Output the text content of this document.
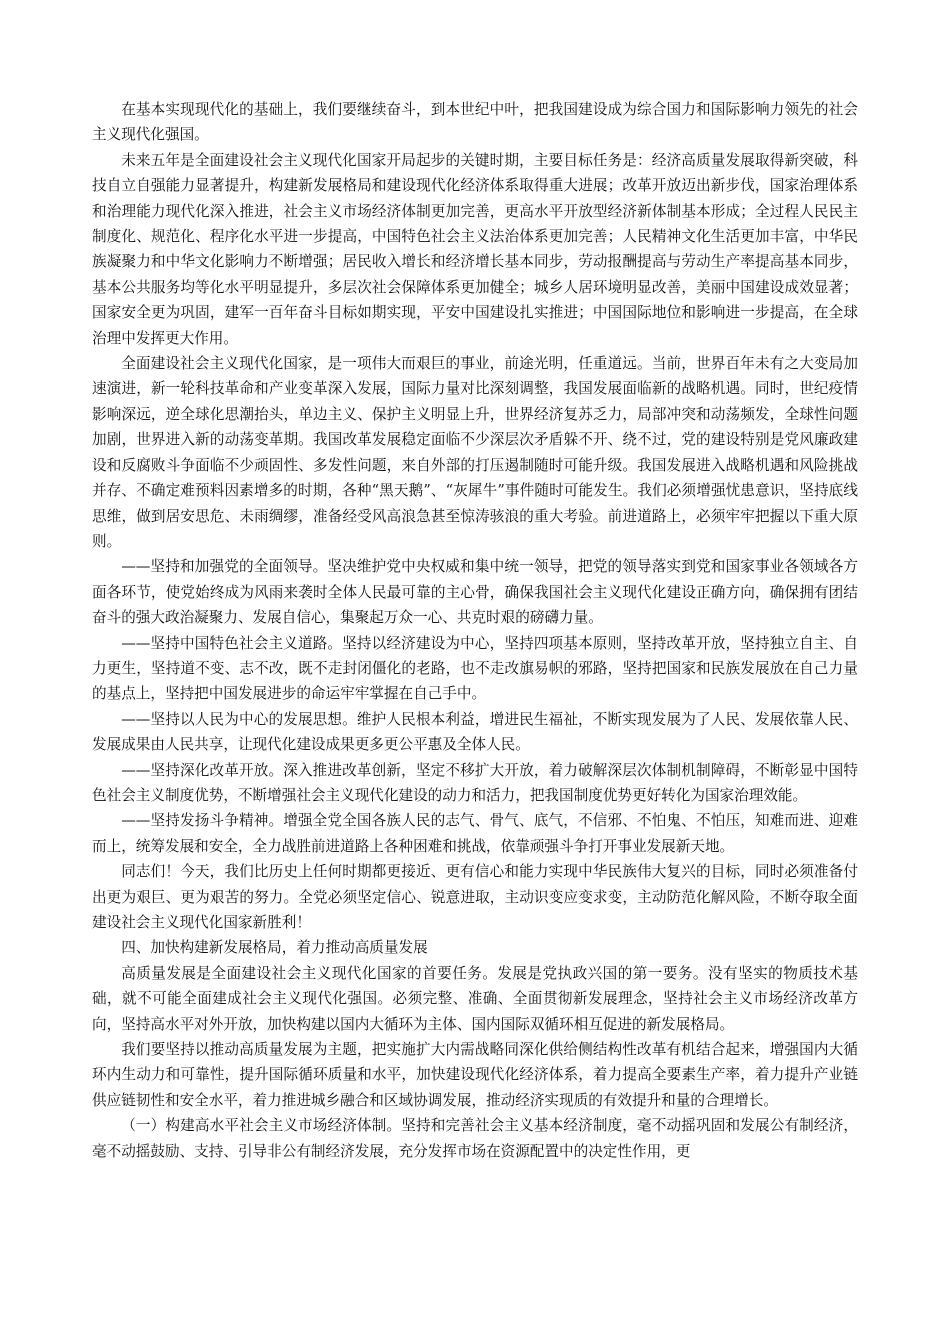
在基本实现现代化的基础上，我们要继续奋斗，到本世纪中叶，把我国建设成为综合国力和国际影响力领先的社会主义现代化强国。

未来五年是全面建设社会主义现代化国家开局起步的关键时期，主要目标任务是：经济高质量发展取得新突破，科技自立自强能力显著提升，构建新发展格局和建设现代化经济体系取得重大进展；改革开放迈出新步伐，国家治理体系和治理能力现代化深入推进，社会主义市场经济体制更加完善，更高水平开放型经济新体制基本形成；全过程人民民主制度化、规范化、程序化水平进一步提高，中国特色社会主义法治体系更加完善；人民精神文化生活更加丰富，中华民族凝聚力和中华文化影响力不断增强；居民收入增长和经济增长基本同步，劳动报酬提高与劳动生产率提高基本同步，基本公共服务均等化水平明显提升，多层次社会保障体系更加健全；城乡人居环境明显改善，美丽中国建设成效显著；国家安全更为巩固，建军一百年奋斗目标如期实现，平安中国建设扎实推进；中国国际地位和影响进一步提高，在全球治理中发挥更大作用。

全面建设社会主义现代化国家，是一项伟大而艰巨的事业，前途光明，任重道远。当前，世界百年未有之大变局加速演进，新一轮科技革命和产业变革深入发展，国际力量对比深刻调整，我国发展面临新的战略机遇。同时，世纪疫情影响深远，逆全球化思潮抬头，单边主义、保护主义明显上升，世界经济复苏乏力，局部冲突和动荡频发，全球性问题加剧，世界进入新的动荡变革期。我国改革发展稳定面临不少深层次矛盾躲不开、绕不过，党的建设特别是党风廉政建设和反腐败斗争面临不少顽固性、多发性问题，来自外部的打压遏制随时可能升级。我国发展进入战略机遇和风险挑战并存、不确定难预料因素增多的时期，各种“黑天鹅”、“灰犀牛”事件随时可能发生。我们必须增强忧患意识，坚持底线思维，做到居安思危、未雨绸缪，准备经受风高浪急甚至惊涛骇浪的重大考验。前进道路上，必须牢牢把握以下重大原则。

——坚持和加强党的全面领导。坚决维护党中央权威和集中统一领导，把党的领导落实到党和国家事业各领域各方面各环节，使党始终成为风雨来袭时全体人民最可靠的主心骨，确保我国社会主义现代化建设正确方向，确保拥有团结奋斗的强大政治凝聚力、发展自信心，集聚起万众一心、共克时艰的磅礴力量。

——坚持中国特色社会主义道路。坚持以经济建设为中心，坚持四项基本原则，坚持改革开放，坚持独立自主、自力更生，坚持道不变、志不改，既不走封闭僵化的老路，也不走改旗易帜的邪路，坚持把国家和民族发展放在自己力量的基点上，坚持把中国发展进步的命运牢牢掌握在自己手中。

——坚持以人民为中心的发展思想。维护人民根本利益，增进民生福祉，不断实现发展为了人民、发展依靠人民、发展成果由人民共享，让现代化建设成果更多更公平惠及全体人民。

——坚持深化改革开放。深入推进改革创新，坚定不移扩大开放，着力破解深层次体制机制障碍，不断彰显中国特色社会主义制度优势，不断增强社会主义现代化建设的动力和活力，把我国制度优势更好转化为国家治理效能。

——坚持发扬斗争精神。增强全党全国各族人民的志气、骨气、底气，不信邪、不怕鬼、不怕压，知难而进、迎难而上，统筹发展和安全，全力战胜前进道路上各种困难和挑战，依靠顽强斗争打开事业发展新天地。

同志们！今天，我们比历史上任何时期都更接近、更有信心和能力实现中华民族伟大复兴的目标，同时必须准备付出更为艰巨、更为艰苦的努力。全党必须坚定信心、锐意进取，主动识变应变求变，主动防范化解风险，不断夺取全面建设社会主义现代化国家新胜利！

四、加快构建新发展格局，着力推动高质量发展

高质量发展是全面建设社会主义现代化国家的首要任务。发展是党执政兴国的第一要务。没有坚实的物质技术基础，就不可能全面建成社会主义现代化强国。必须完整、准确、全面贯彻新发展理念，坚持社会主义市场经济改革方向，坚持高水平对外开放，加快构建以国内大循环为主体、国内国际双循环相互促进的新发展格局。

我们要坚持以推动高质量发展为主题，把实施扩大内需战略同深化供给侧结构性改革有机结合起来，增强国内大循环内生动力和可靠性，提升国际循环质量和水平，加快建设现代化经济体系，着力提高全要素生产率，着力提升产业链供应链韧性和安全水平，着力推进城乡融合和区域协调发展，推动经济实现质的有效提升和量的合理增长。

（一）构建高水平社会主义市场经济体制。坚持和完善社会主义基本经济制度，毫不动摇巩固和发展公有制经济，毫不动摇鼓励、支持、引导非公有制经济发展，充分发挥市场在资源配置中的决定性作用，更
